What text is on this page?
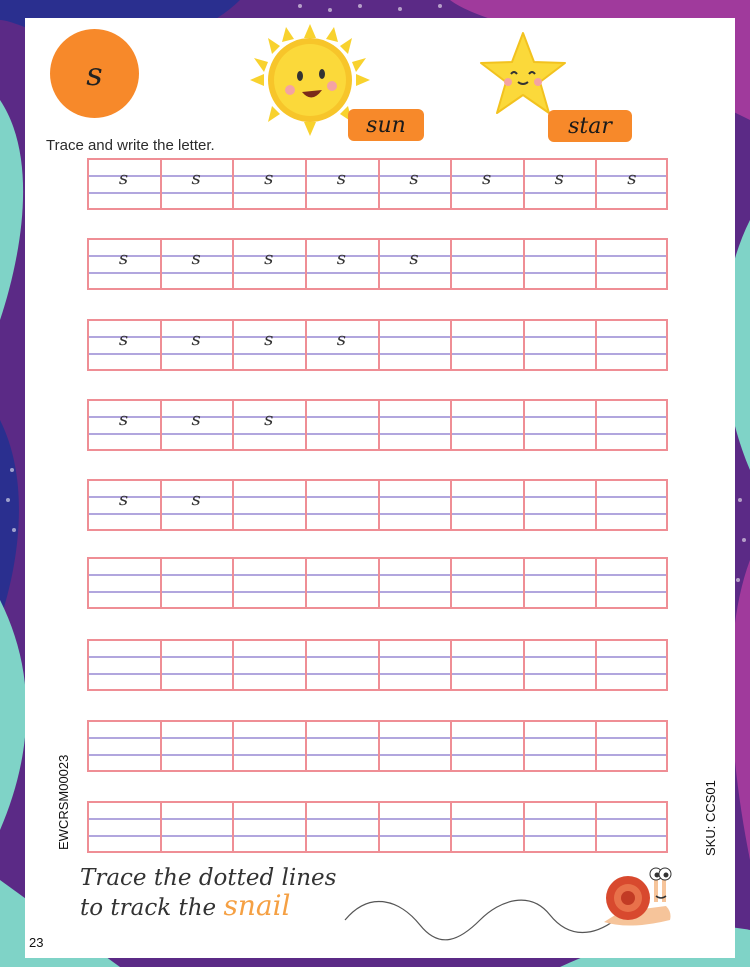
s
sun	star
Trace and write the letter.
s	s	s	s	s	s	s	s
s	s	s	s	s
s	s	s	s
s	s	s
s	s
EWCRSM00023	SKU: CCS01
Trace the dotted lines
to track the snail
23
